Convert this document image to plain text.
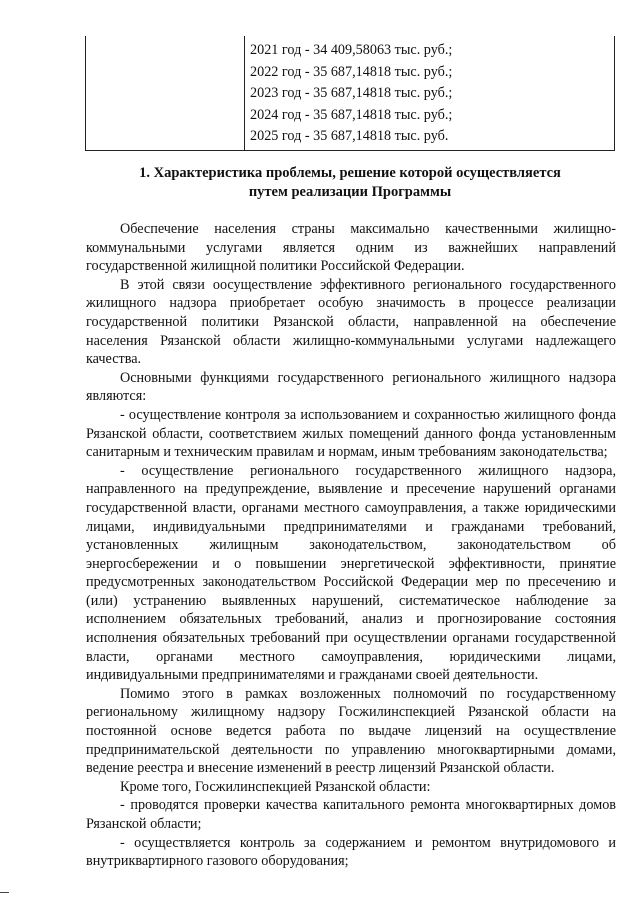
2021 год - 34 409,58063 тыс. руб.;
2022 год - 35 687,14818 тыс. руб.;
2023 год - 35 687,14818 тыс. руб.;
2024 год - 35 687,14818 тыс. руб.;
2025 год - 35 687,14818 тыс. руб.
1. Характеристика проблемы, решение которой осуществляется
путем реализации Программы

Обеспечение населения страны максимально качественными жилищно-коммунальными услугами является одним из важнейших направлений государственной жилищной политики Российской Федерации.

В этой связи оосуществление эффективного регионального государственного жилищного надзора приобретает особую значимость в процессе реализации государственной политики Рязанской области, направленной на обеспечение населения Рязанской области жилищно-коммунальными услугами надлежащего качества.

Основными функциями государственного регионального жилищного надзора являются:

- осуществление контроля за использованием и сохранностью жилищного фонда Рязанской области, соответствием жилых помещений данного фонда установленным санитарным и техническим правилам и нормам, иным требованиям законодательства;

- осуществление регионального государственного жилищного надзора, направленного на предупреждение, выявление и пресечение нарушений органами государственной власти, органами местного самоуправления, а также юридическими лицами, индивидуальными предпринимателями и гражданами требований, установленных жилищным законодательством, законодательством об энергосбережении и о повышении энергетической эффективности, принятие предусмотренных законодательством Российской Федерации мер по пресечению и (или) устранению выявленных нарушений, систематическое наблюдение за исполнением обязательных требований, анализ и прогнозирование состояния исполнения обязательных требований при осуществлении органами государственной власти, органами местного самоуправления, юридическими лицами, индивидуальными предпринимателями и гражданами своей деятельности.

Помимо этого в рамках возложенных полномочий по государственному региональному жилищному надзору Госжилинспекцией Рязанской области на постоянной основе ведется работа по выдаче лицензий на осуществление предпринимательской деятельности по управлению многоквартирными домами, ведение реестра и внесение изменений в реестр лицензий Рязанской области.

Кроме того, Госжилинспекцией Рязанской области:

- проводятся проверки качества капитального ремонта многоквартирных домов Рязанской области;

- осуществляется контроль за содержанием и ремонтом внутридомового и внутриквартирного газового оборудования;
